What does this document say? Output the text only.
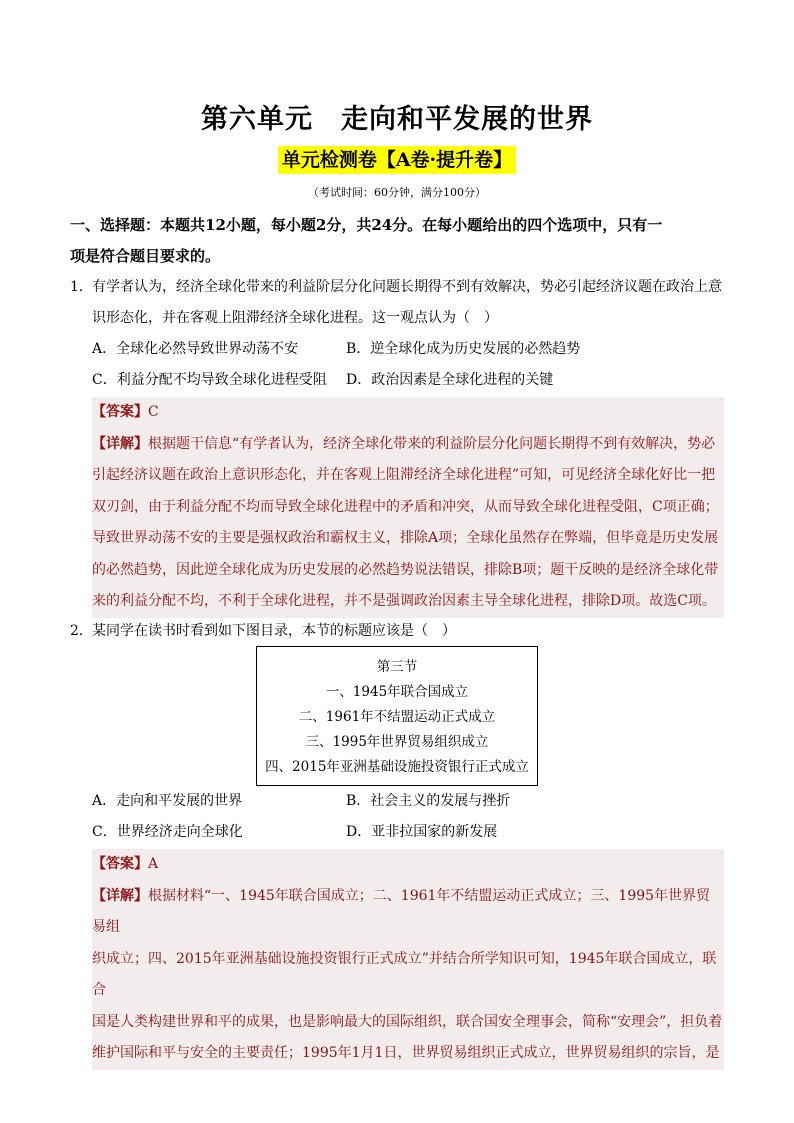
第六单元　走向和平发展的世界
单元检测卷【A卷·提升卷】
（考试时间：60分钟，满分100分）
一、选择题：本题共12小题，每小题2分，共24分。在每小题给出的四个选项中，只有一
项是符合题目要求的。
1． 有学者认为，经济全球化带来的利益阶层分化问题长期得不到有效解决，势必引起经济议题在政治上意
识形态化，并在客观上阻滞经济全球化进程。这一观点认为（　）
A．全球化必然导致世界动荡不安	B．逆全球化成为历史发展的必然趋势
C．利益分配不均导致全球化进程受阻 D．政治因素是全球化进程的关键
【答案】C
【详解】根据题干信息“有学者认为，经济全球化带来的利益阶层分化问题长期得不到有效解决，势必
引起经济议题在政治上意识形态化，并在客观上阻滞经济全球化进程”可知，可见经济全球化好比一把
双刃剑，由于利益分配不均而导致全球化进程中的矛盾和冲突，从而导致全球化进程受阻，C项正确；
导致世界动荡不安的主要是强权政治和霸权主义，排除A项；全球化虽然存在弊端，但毕竟是历史发展
的必然趋势，因此逆全球化成为历史发展的必然趋势说法错误，排除B项；题干反映的是经济全球化带
来的利益分配不均，不利于全球化进程，并不是强调政治因素主导全球化进程，排除D项。故选C项。
2． 某同学在读书时看到如下图目录，本节的标题应该是（　）
第三节
一、1945年联合国成立
二、1961年不结盟运动正式成立
三、1995年世界贸易组织成立
四、2015年亚洲基础设施投资银行正式成立
A．走向和平发展的世界	B．社会主义的发展与挫折
C．世界经济走向全球化	D．亚非拉国家的新发展
【答案】A
【详解】根据材料“一、1945年联合国成立；二、1961年不结盟运动正式成立；三、1995年世界贸易组
织成立；四、2015年亚洲基础设施投资银行正式成立”并结合所学知识可知，1945年联合国成立，联合
国是人类构建世界和平的成果，也是影响最大的国际组织，联合国安全理事会，简称“安理会”，担负着
维护国际和平与安全的主要责任；1995年1月1日，世界贸易组织正式成立，世界贸易组织的宗旨，是
